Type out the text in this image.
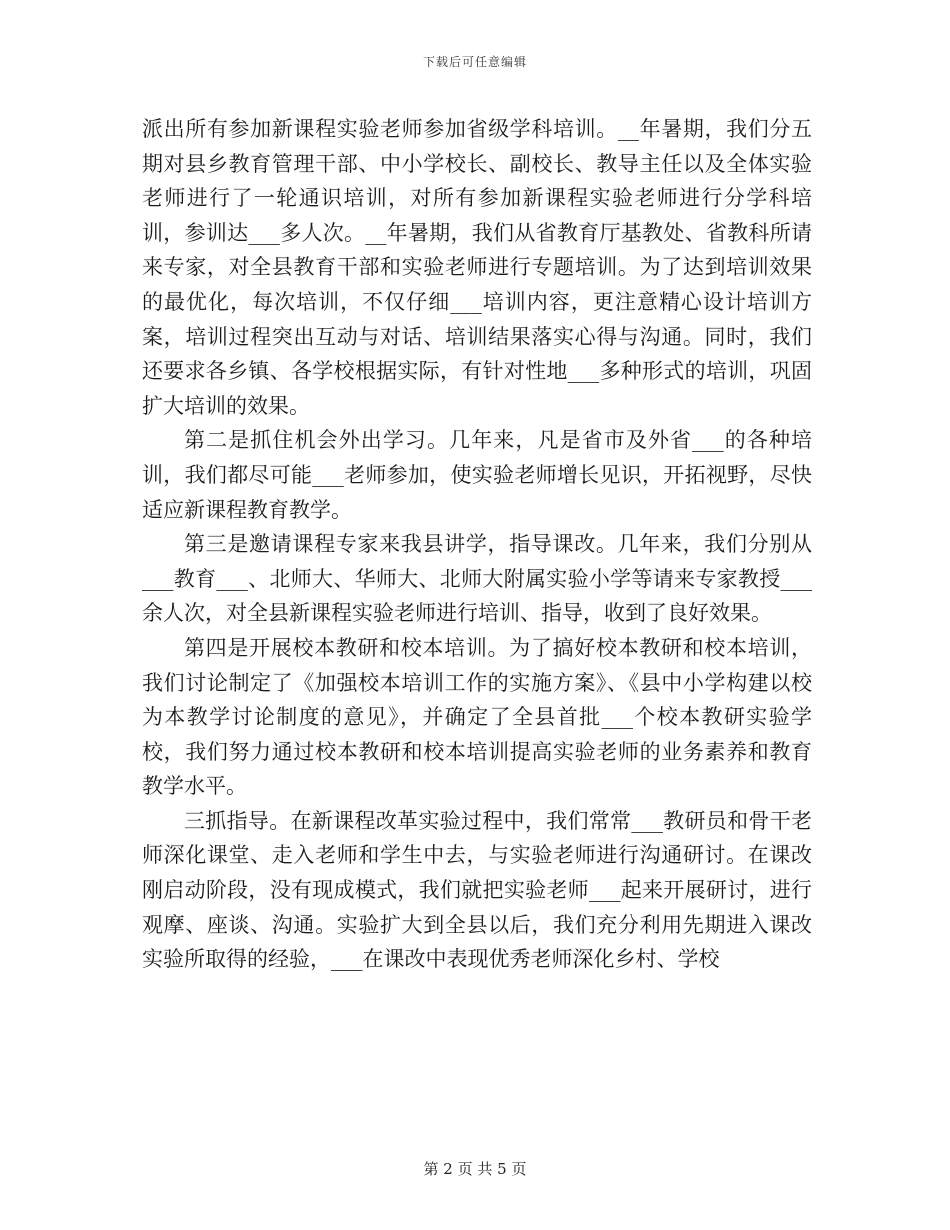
下载后可任意编辑

派出所有参加新课程实验老师参加省级学科培训。__年暑期，我们分五期对县乡教育管理干部、中小学校长、副校长、教导主任以及全体实验老师进行了一轮通识培训，对所有参加新课程实验老师进行分学科培训，参训达___多人次。__年暑期，我们从省教育厅基教处、省教科所请来专家，对全县教育干部和实验老师进行专题培训。为了达到培训效果的最优化，每次培训，不仅仔细___培训内容，更注意精心设计培训方案，培训过程突出互动与对话、培训结果落实心得与沟通。同时，我们还要求各乡镇、各学校根据实际，有针对性地___多种形式的培训，巩固扩大培训的效果。

第二是抓住机会外出学习。几年来，凡是省市及外省___的各种培训，我们都尽可能___老师参加，使实验老师增长见识，开拓视野，尽快适应新课程教育教学。

第三是邀请课程专家来我县讲学，指导课改。几年来，我们分别从___教育___、北师大、华师大、北师大附属实验小学等请来专家教授___余人次，对全县新课程实验老师进行培训、指导，收到了良好效果。

第四是开展校本教研和校本培训。为了搞好校本教研和校本培训，我们讨论制定了《加强校本培训工作的实施方案》、《县中小学构建以校为本教学讨论制度的意见》，并确定了全县首批___个校本教研实验学校，我们努力通过校本教研和校本培训提高实验老师的业务素养和教育教学水平。

三抓指导。在新课程改革实验过程中，我们常常___教研员和骨干老师深化课堂、走入老师和学生中去，与实验老师进行沟通研讨。在课改刚启动阶段，没有现成模式，我们就把实验老师___起来开展研讨，进行观摩、座谈、沟通。实验扩大到全县以后，我们充分利用先期进入课改实验所取得的经验，___在课改中表现优秀老师深化乡村、学校

第 2 页 共 5 页
